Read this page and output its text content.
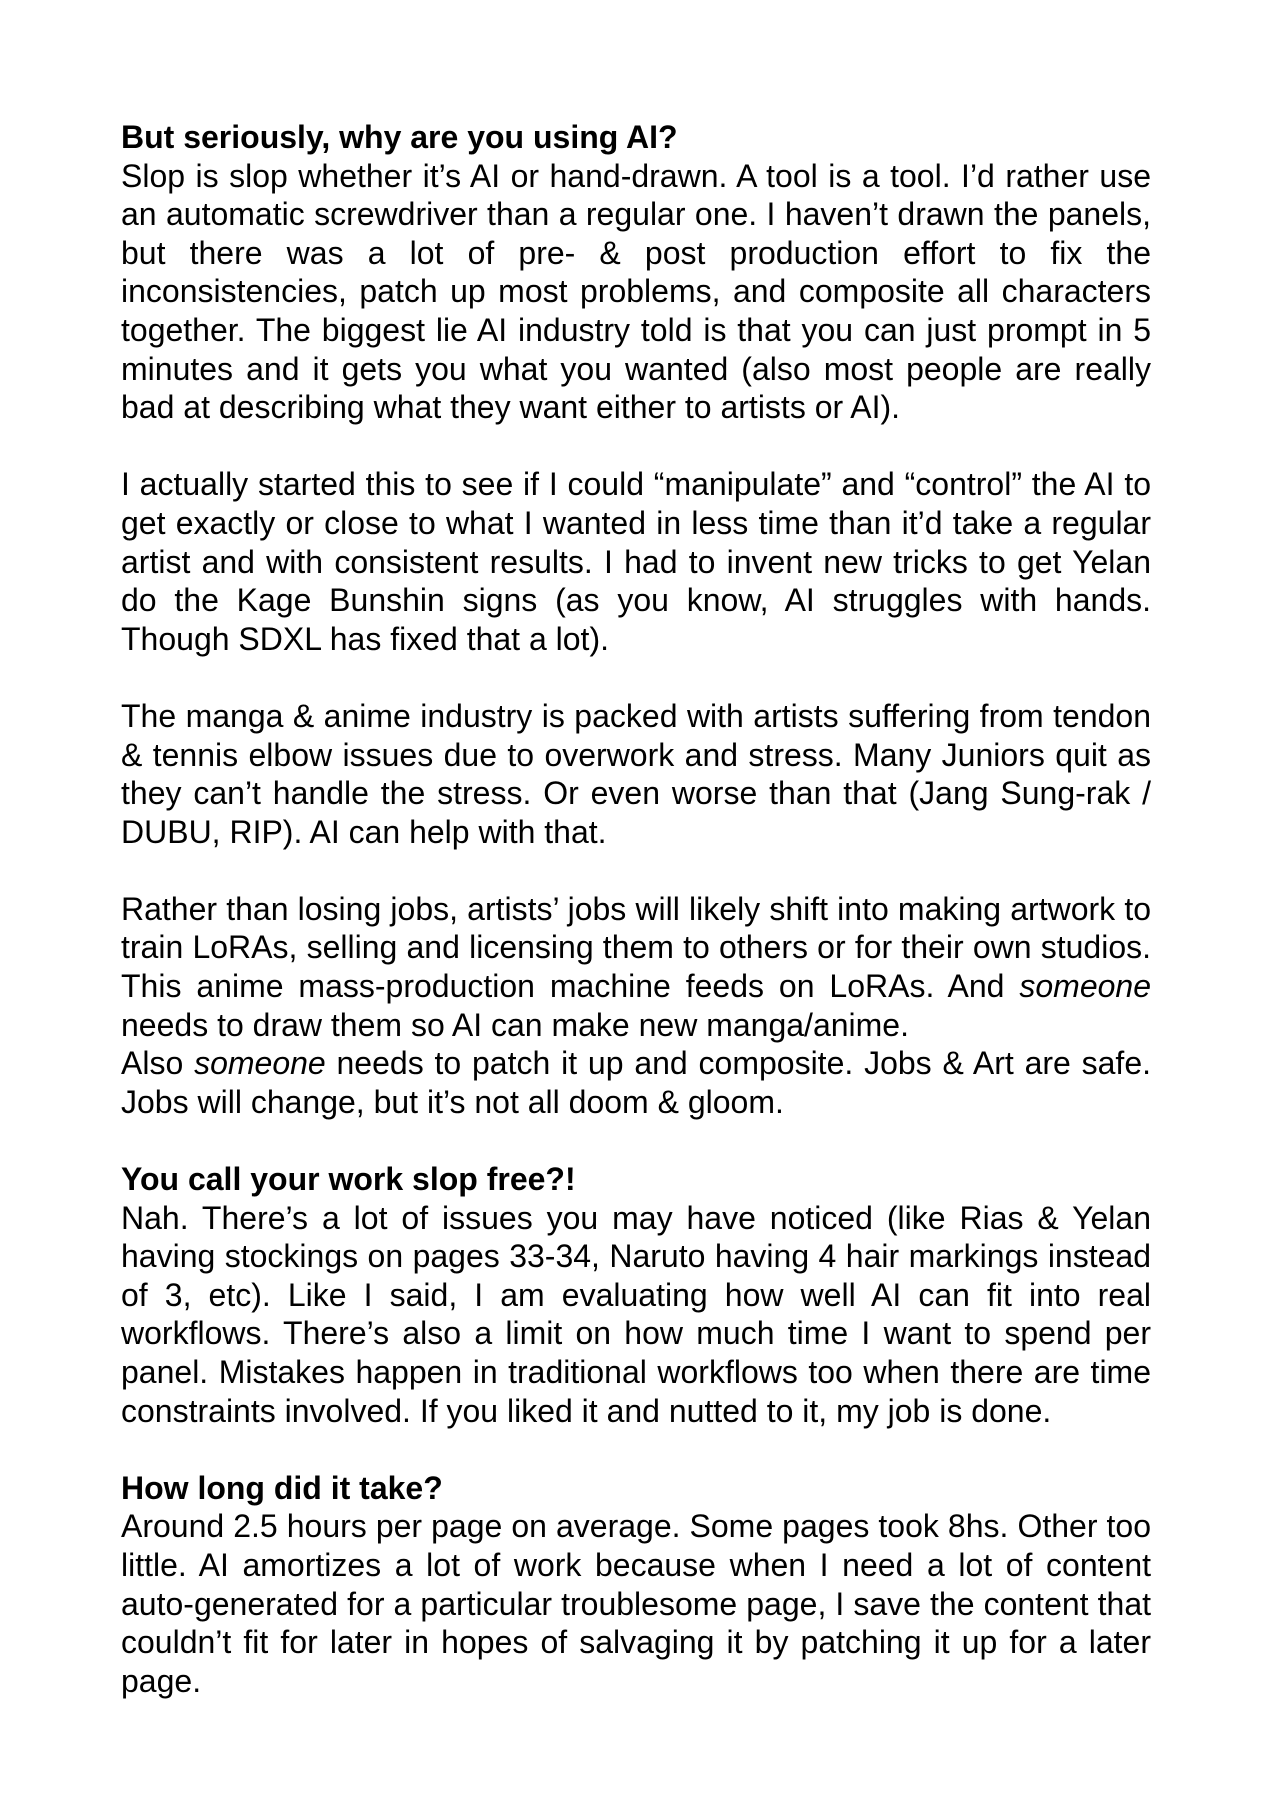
But seriously, why are you using AI?

Slop is slop whether it’s AI or hand-drawn. A tool is a tool. I’d rather use an automatic screwdriver than a regular one. I haven’t drawn the panels, but there was a lot of pre- & post production effort to fix the inconsistencies, patch up most problems, and composite all characters together. The biggest lie AI industry told is that you can just prompt in 5 minutes and it gets you what you wanted (also most people are really bad at describing what they want either to artists or AI).

I actually started this to see if I could “manipulate” and “control” the AI to get exactly or close to what I wanted in less time than it’d take a regular artist and with consistent results. I had to invent new tricks to get Yelan do the Kage Bunshin signs (as you know, AI struggles with hands. Though SDXL has fixed that a lot).

The manga & anime industry is packed with artists suffering from tendon & tennis elbow issues due to overwork and stress. Many Juniors quit as they can’t handle the stress. Or even worse than that (Jang Sung-rak / DUBU, RIP). AI can help with that.

Rather than losing jobs, artists’ jobs will likely shift into making artwork to train LoRAs, selling and licensing them to others or for their own studios. This anime mass-production machine feeds on LoRAs. And someone needs to draw them so AI can make new manga/anime.

Also someone needs to patch it up and composite. Jobs & Art are safe. Jobs will change, but it’s not all doom & gloom.

You call your work slop free?!

Nah. There’s a lot of issues you may have noticed (like Rias & Yelan having stockings on pages 33-34, Naruto having 4 hair markings instead of 3, etc). Like I said, I am evaluating how well AI can fit into real workflows. There’s also a limit on how much time I want to spend per panel. Mistakes happen in traditional workflows too when there are time constraints involved. If you liked it and nutted to it, my job is done.

How long did it take?

Around 2.5 hours per page on average. Some pages took 8hs. Other too little. AI amortizes a lot of work because when I need a lot of content auto-generated for a particular troublesome page, I save the content that couldn’t fit for later in hopes of salvaging it by patching it up for a later page.
